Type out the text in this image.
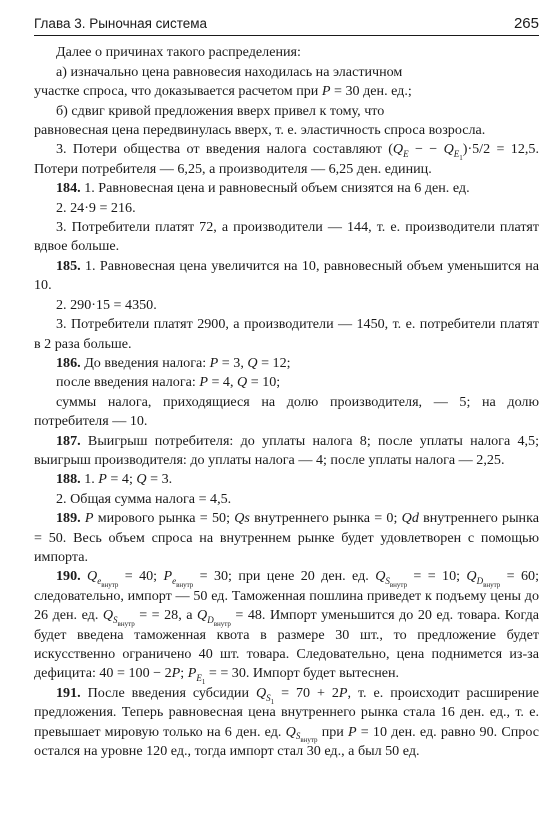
Глава 3. Рыночная система	265

Далее о причинах такого распределения:

а) изначально цена равновесия находилась на эластичном

участке спроса, что доказывается расчетом при P = 30 ден. ед.;

б) сдвиг кривой предложения вверх привел к тому, что

равновесная цена передвинулась вверх, т. е. эластичность спроса возросла.

3. Потери общества от введения налога составляют ($Q_E$ − − $Q_{E_1})\cdot 5/2 = 12,5$. Потери потребителя — 6,25, а производителя — 6,25 ден. единиц.

184. 1. Равновесная цена и равновесный объем снизятся на 6 ден. ед.

2. 24·9 = 216.

3. Потребители платят 72, а производители — 144, т. е. производители платят вдвое больше.

185. 1. Равновесная цена увеличится на 10, равновесный объем уменьшится на 10.

2. 290·15 = 4350.

3. Потребители платят 2900, а производители — 1450, т. е. потребители платят в 2 раза больше.

186. До введения налога: P = 3, Q = 12;

после введения налога: P = 4, Q = 10;

суммы налога, приходящиеся на долю производителя, — 5; на долю потребителя — 10.

187. Выигрыш потребителя: до уплаты налога 8; после уплаты налога 4,5; выигрыш производителя: до уплаты налога — 4; после уплаты налога — 2,25.

188. 1. P = 4; Q = 3.

2. Общая сумма налога = 4,5.

189. P мирового рынка = 50; Qs внутреннего рынка = 0; Qd внутреннего рынка = 50. Весь объем спроса на внутреннем рынке будет удовлетворен с помощью импорта.

190. $Q_{e_{внутр}} = 40$; $P_{e_{внутр}} = 30$; при цене 20 ден. ед. $Q_{S_{внутр}}$ = = 10; $Q_{D_{внутр}} = 60$; следовательно, импорт — 50 ед. Таможенная пошлина приведет к подъему цены до 26 ден. ед. $Q_{S_{внутр}}$ = = 28, а $Q_{D_{внутр}} = 48$. Импорт уменьшится до 20 ед. товара. Когда будет введена таможенная квота в размере 30 шт., то предложение будет искусственно ограничено 40 шт. товара. Следовательно, цена поднимется из-за дефицита: 40 = 100 − 2P; $P_{E_1}$ = = 30. Импорт будет вытеснен.

191. После введения субсидии $Q_{S_1} = 70 + 2P$, т. е. происходит расширение предложения. Теперь равновесная цена внутреннего рынка стала 16 ден. ед., т. е. превышает мировую только на 6 ден. ед. $Q_{S_{внутр}}$ при P = 10 ден. ед. равно 90. Спрос остался на уровне 120 ед., тогда импорт стал 30 ед., а был 50 ед.
